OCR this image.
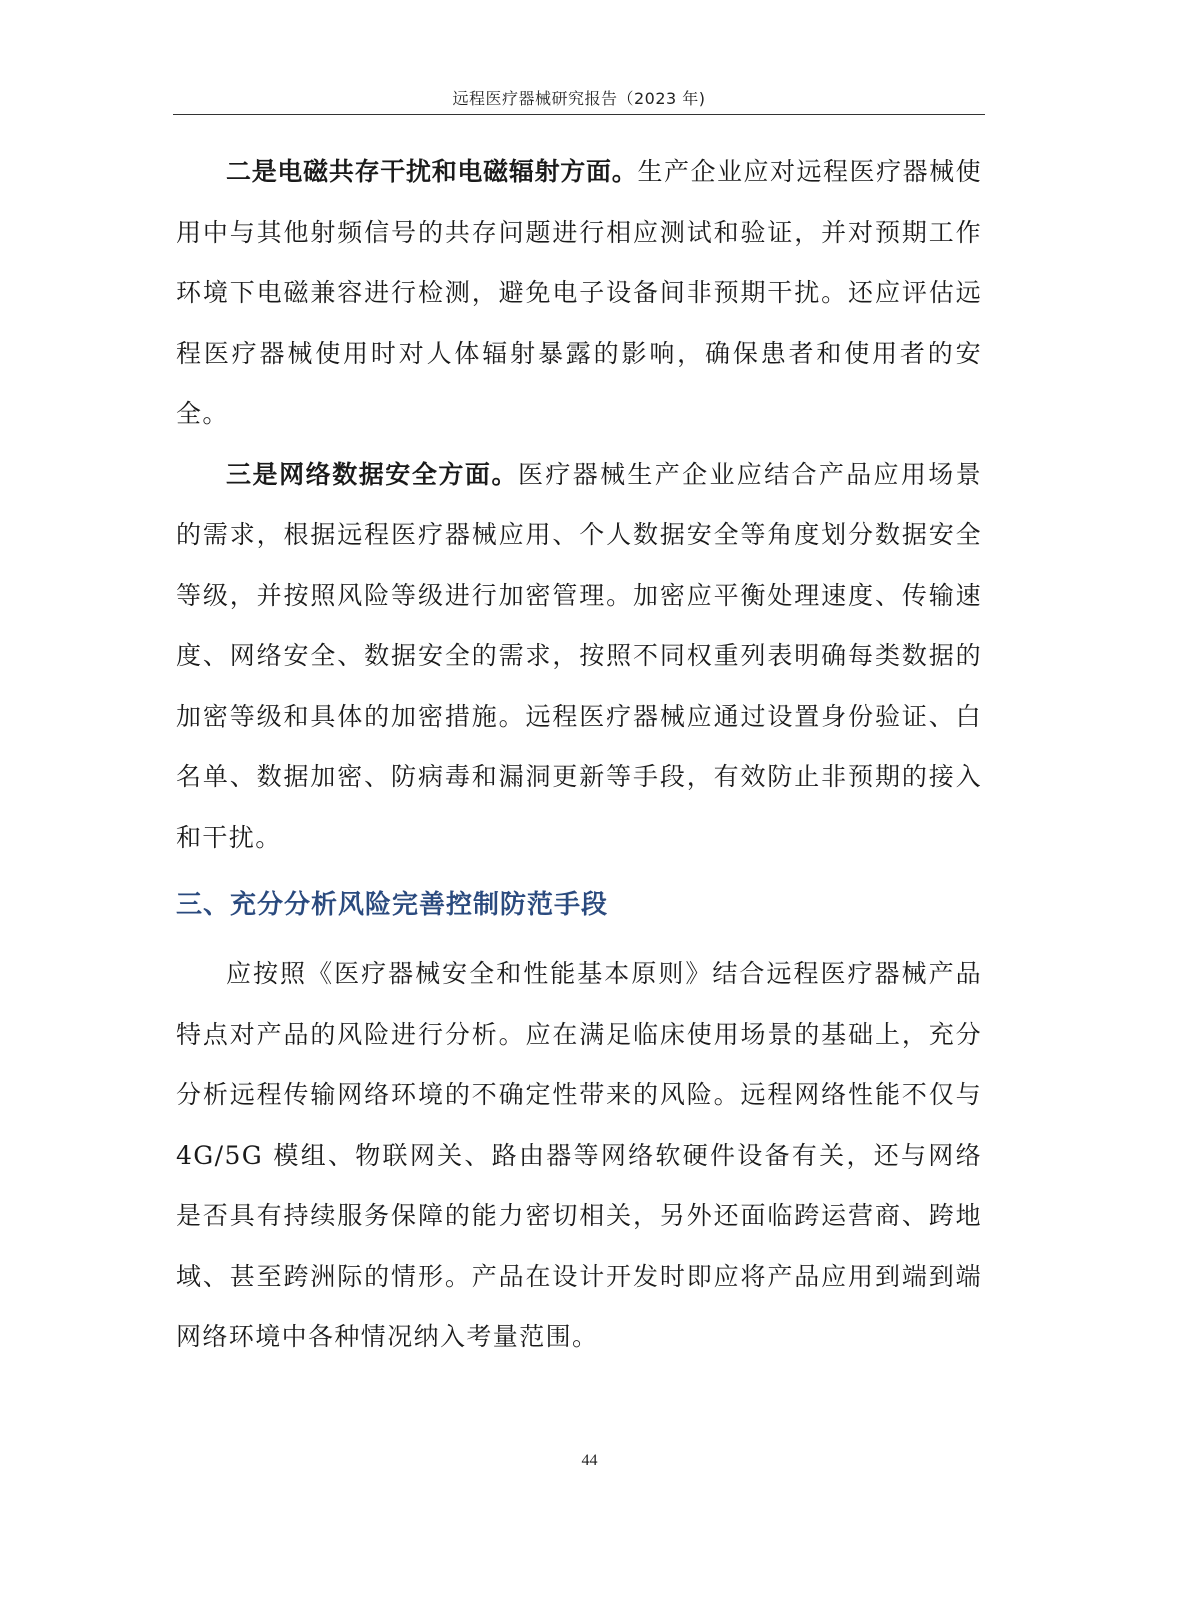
远程医疗器械研究报告（2023 年)

二是电磁共存干扰和电磁辐射方面。生产企业应对远程医疗器械使用中与其他射频信号的共存问题进行相应测试和验证，并对预期工作环境下电磁兼容进行检测，避免电子设备间非预期干扰。还应评估远程医疗器械使用时对人体辐射暴露的影响，确保患者和使用者的安全。

三是网络数据安全方面。医疗器械生产企业应结合产品应用场景的需求，根据远程医疗器械应用、个人数据安全等角度划分数据安全等级，并按照风险等级进行加密管理。加密应平衡处理速度、传输速度、网络安全、数据安全的需求，按照不同权重列表明确每类数据的加密等级和具体的加密措施。远程医疗器械应通过设置身份验证、白名单、数据加密、防病毒和漏洞更新等手段，有效防止非预期的接入和干扰。

三、充分分析风险完善控制防范手段

应按照《医疗器械安全和性能基本原则》结合远程医疗器械产品特点对产品的风险进行分析。应在满足临床使用场景的基础上，充分分析远程传输网络环境的不确定性带来的风险。远程网络性能不仅与 4G/5G 模组、物联网关、路由器等网络软硬件设备有关，还与网络是否具有持续服务保障的能力密切相关，另外还面临跨运营商、跨地域、甚至跨洲际的情形。产品在设计开发时即应将产品应用到端到端网络环境中各种情况纳入考量范围。

44
